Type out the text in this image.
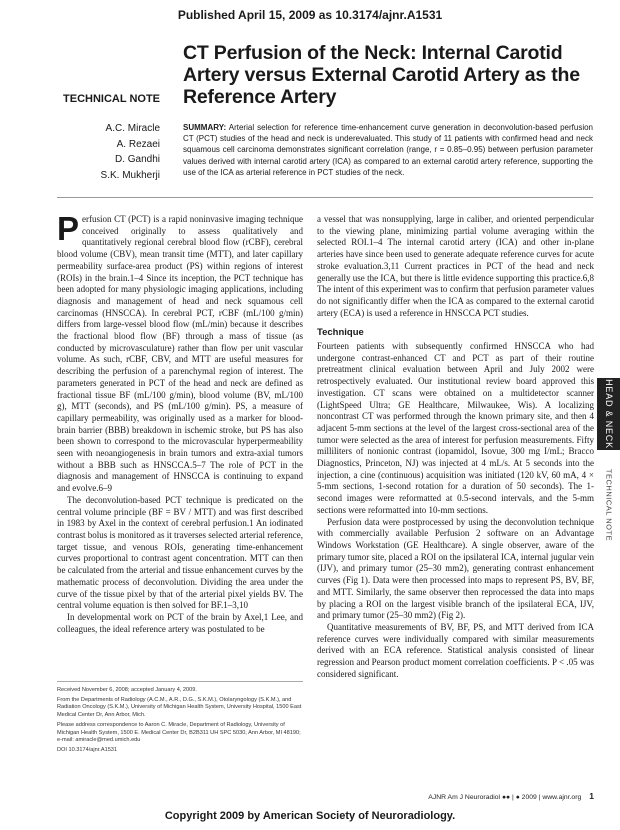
Published April 15, 2009 as 10.3174/ajnr.A1531
CT Perfusion of the Neck: Internal Carotid Artery versus External Carotid Artery as the Reference Artery
TECHNICAL NOTE
A.C. Miracle
A. Rezaei
D. Gandhi
S.K. Mukherji
SUMMARY: Arterial selection for reference time-enhancement curve generation in deconvolution-based perfusion CT (PCT) studies of the head and neck is underevaluated. This study of 11 patients with confirmed head and neck squamous cell carcinoma demonstrates significant correlation (range, r = 0.85–0.95) between perfusion parameter values derived with internal carotid artery (ICA) as compared to an external carotid artery reference, supporting the use of the ICA as arterial reference in PCT studies of the neck.

Perfusion CT (PCT) is a rapid noninvasive imaging technique conceived originally to assess qualitatively and quantitatively regional cerebral blood flow (rCBF), cerebral blood volume (CBV), mean transit time (MTT), and later capillary permeability surface-area product (PS) within regions of interest (ROIs) in the brain.1–4 Since its inception, the PCT technique has been adopted for many physiologic imaging applications, including diagnosis and management of head and neck squamous cell carcinomas (HNSCCA). In cerebral PCT, rCBF (mL/100 g/min) differs from large-vessel blood flow (mL/min) because it describes the fractional blood flow (BF) through a mass of tissue (as conducted by microvasculature) rather than flow per unit vascular volume. As such, rCBF, CBV, and MTT are useful measures for describing the perfusion of a parenchymal region of interest. The parameters generated in PCT of the head and neck are defined as fractional tissue BF (mL/100 g/min), blood volume (BV, mL/100 g), MTT (seconds), and PS (mL/100 g/min). PS, a measure of capillary permeability, was originally used as a marker for blood-brain barrier (BBB) breakdown in ischemic stroke, but PS has also been shown to correspond to the microvascular hyperpermeability seen with neoangiogenesis in brain tumors and extra-axial tumors without a BBB such as HNSCCA.5–7 The role of PCT in the diagnosis and management of HNSCCA is continuing to expand and evolve.6–9

The deconvolution-based PCT technique is predicated on the central volume principle (BF = BV / MTT) and was first described in 1983 by Axel in the context of cerebral perfusion.1 An iodinated contrast bolus is monitored as it traverses selected arterial reference, target tissue, and venous ROIs, generating time-enhancement curves proportional to contrast agent concentration. MTT can then be calculated from the arterial and tissue enhancement curves by the mathematic process of deconvolution. Dividing the area under the curve of the tissue pixel by that of the arterial pixel yields BV. The central volume equation is then solved for BF.1–3,10

In developmental work on PCT of the brain by Axel,1 Lee, and colleagues, the ideal reference artery was postulated to be

Received November 6, 2008; accepted January 4, 2009.
From the Departments of Radiology (A.C.M., A.R., D.G., S.K.M.), Otolaryngology (S.K.M.), and Radiation Oncology (S.K.M.), University of Michigan Health System, University Hospital, 1500 East Medical Center Dr, Ann Arbor, Mich.
Please address correspondence to Aaron C. Miracle, Department of Radiology, University of Michigan Health System, 1500 E. Medical Center Dr, B2B311 UH SPC 5030, Ann Arbor, MI 48190; e-mail: amiracle@med.umich.edu
DOI 10.3174/ajnr.A1531

a vessel that was nonsupplying, large in caliber, and oriented perpendicular to the viewing plane, minimizing partial volume averaging within the selected ROI.1–4 The internal carotid artery (ICA) and other in-plane arteries have since been used to generate adequate reference curves for acute stroke evaluation.3,11 Current practices in PCT of the head and neck generally use the ICA, but there is little evidence supporting this practice.6,8 The intent of this experiment was to confirm that perfusion parameter values do not significantly differ when the ICA as compared to the external carotid artery (ECA) is used a reference in HNSCCA PCT studies.

Technique

Fourteen patients with subsequently confirmed HNSCCA who had undergone contrast-enhanced CT and PCT as part of their routine pretreatment clinical evaluation between April and July 2002 were retrospectively evaluated. Our institutional review board approved this investigation. CT scans were obtained on a multidetector scanner (LightSpeed Ultra; GE Healthcare, Milwaukee, Wis). A localizing noncontrast CT was performed through the known primary site, and then 4 adjacent 5-mm sections at the level of the largest cross-sectional area of the tumor were selected as the area of interest for perfusion measurements. Fifty milliliters of nonionic contrast (iopamidol, Isovue, 300 mg I/mL; Bracco Diagnostics, Princeton, NJ) was injected at 4 mL/s. At 5 seconds into the injection, a cine (continuous) acquisition was initiated (120 kV, 60 mA, 4 × 5-mm sections, 1-second rotation for a duration of 50 seconds). The 1-second images were reformatted at 0.5-second intervals, and the 5-mm sections were reformatted into 10-mm sections.

Perfusion data were postprocessed by using the deconvolution technique with commercially available Perfusion 2 software on an Advantage Windows Workstation (GE Healthcare). A single observer, aware of the primary tumor site, placed a ROI on the ipsilateral ICA, internal jugular vein (IJV), and primary tumor (25–30 mm2), generating contrast enhancement curves (Fig 1). Data were then processed into maps to represent PS, BV, BF, and MTT. Similarly, the same observer then reprocessed the data into maps by placing a ROI on the largest visible branch of the ipsilateral ECA, IJV, and primary tumor (25–30 mm2) (Fig 2).

Quantitative measurements of BV, BF, PS, and MTT derived from ICA reference curves were individually compared with similar measurements derived with an ECA reference. Statistical analysis consisted of linear regression and Pearson product moment correlation coefficients. P < .05 was considered significant.

HEAD & NECK
TECHNICAL NOTE
AJNR Am J Neuroradiol ●● | ● 2009 | www.ajnr.org 1
Copyright 2009 by American Society of Neuroradiology.
